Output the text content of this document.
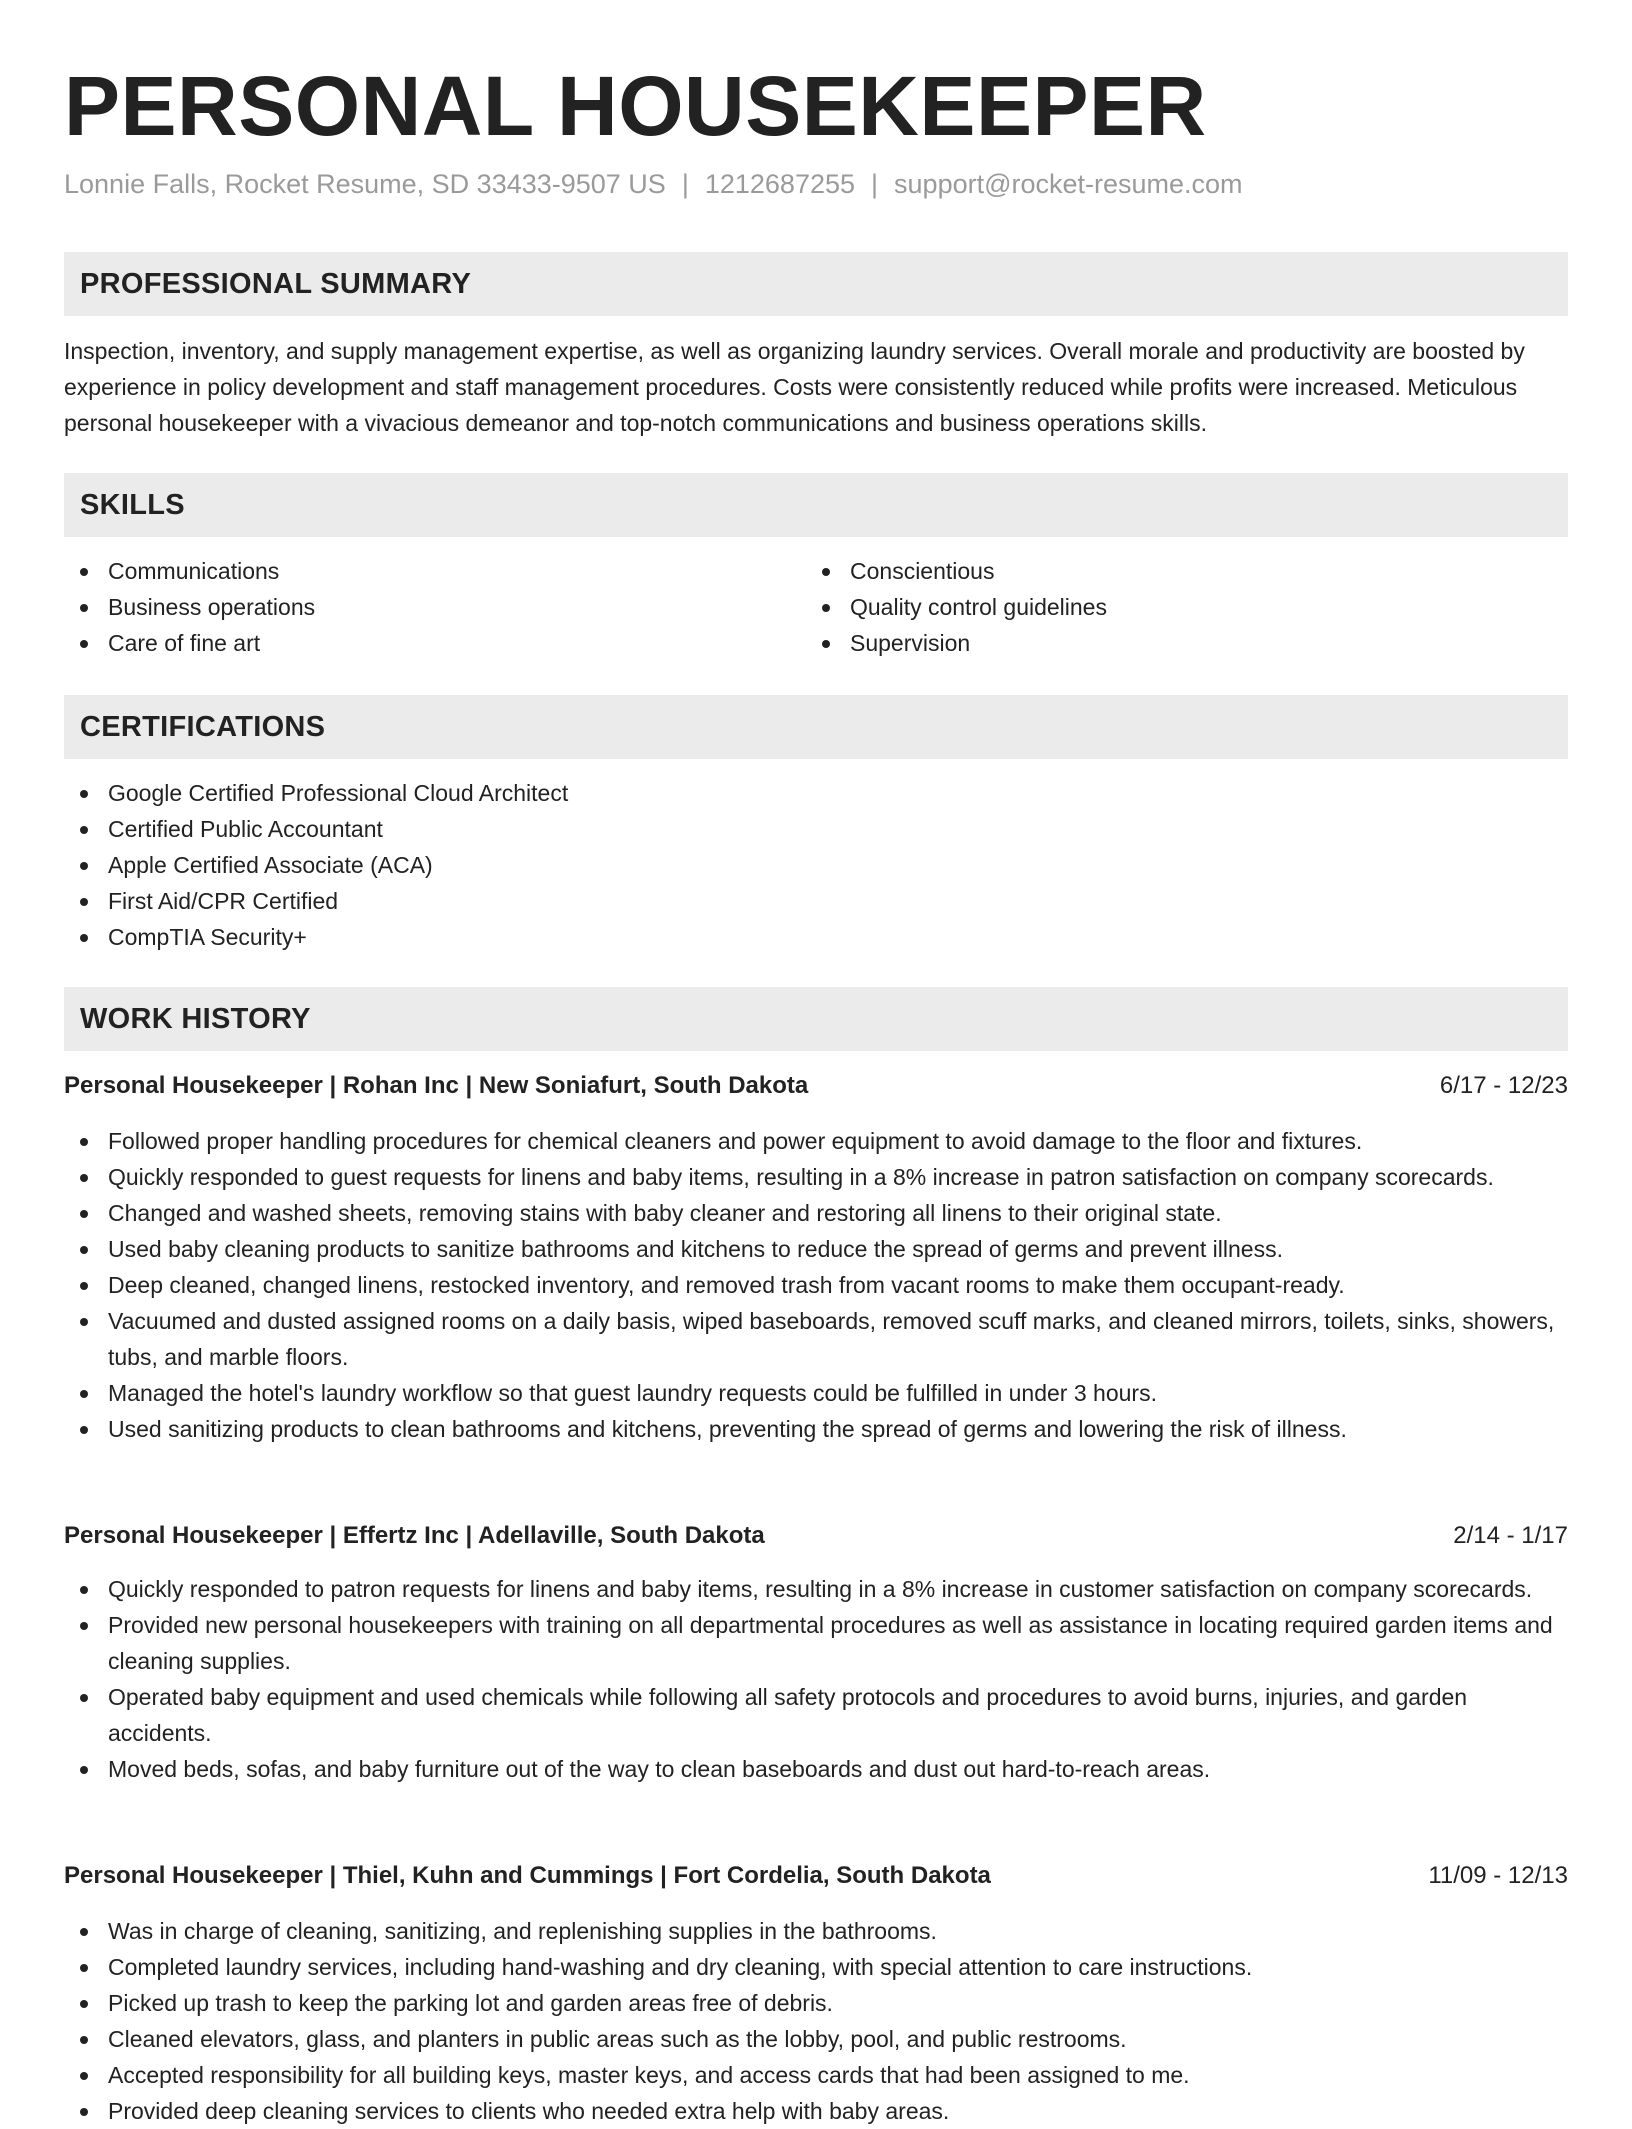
PERSONAL HOUSEKEEPER
Lonnie Falls, Rocket Resume, SD 33433-9507 US | 1212687255 | support@rocket-resume.com
PROFESSIONAL SUMMARY
Inspection, inventory, and supply management expertise, as well as organizing laundry services. Overall morale and productivity are boosted by experience in policy development and staff management procedures. Costs were consistently reduced while profits were increased. Meticulous personal housekeeper with a vivacious demeanor and top-notch communications and business operations skills.
SKILLS
Communications
Business operations
Care of fine art
Conscientious
Quality control guidelines
Supervision
CERTIFICATIONS
Google Certified Professional Cloud Architect
Certified Public Accountant
Apple Certified Associate (ACA)
First Aid/CPR Certified
CompTIA Security+
WORK HISTORY
Personal Housekeeper | Rohan Inc | New Soniafurt, South Dakota	6/17 - 12/23
Followed proper handling procedures for chemical cleaners and power equipment to avoid damage to the floor and fixtures.
Quickly responded to guest requests for linens and baby items, resulting in a 8% increase in patron satisfaction on company scorecards.
Changed and washed sheets, removing stains with baby cleaner and restoring all linens to their original state.
Used baby cleaning products to sanitize bathrooms and kitchens to reduce the spread of germs and prevent illness.
Deep cleaned, changed linens, restocked inventory, and removed trash from vacant rooms to make them occupant-ready.
Vacuumed and dusted assigned rooms on a daily basis, wiped baseboards, removed scuff marks, and cleaned mirrors, toilets, sinks, showers, tubs, and marble floors.
Managed the hotel's laundry workflow so that guest laundry requests could be fulfilled in under 3 hours.
Used sanitizing products to clean bathrooms and kitchens, preventing the spread of germs and lowering the risk of illness.
Personal Housekeeper | Effertz Inc | Adellaville, South Dakota	2/14 - 1/17
Quickly responded to patron requests for linens and baby items, resulting in a 8% increase in customer satisfaction on company scorecards.
Provided new personal housekeepers with training on all departmental procedures as well as assistance in locating required garden items and cleaning supplies.
Operated baby equipment and used chemicals while following all safety protocols and procedures to avoid burns, injuries, and garden accidents.
Moved beds, sofas, and baby furniture out of the way to clean baseboards and dust out hard-to-reach areas.
Personal Housekeeper | Thiel, Kuhn and Cummings | Fort Cordelia, South Dakota	11/09 - 12/13
Was in charge of cleaning, sanitizing, and replenishing supplies in the bathrooms.
Completed laundry services, including hand-washing and dry cleaning, with special attention to care instructions.
Picked up trash to keep the parking lot and garden areas free of debris.
Cleaned elevators, glass, and planters in public areas such as the lobby, pool, and public restrooms.
Accepted responsibility for all building keys, master keys, and access cards that had been assigned to me.
Provided deep cleaning services to clients who needed extra help with baby areas.
